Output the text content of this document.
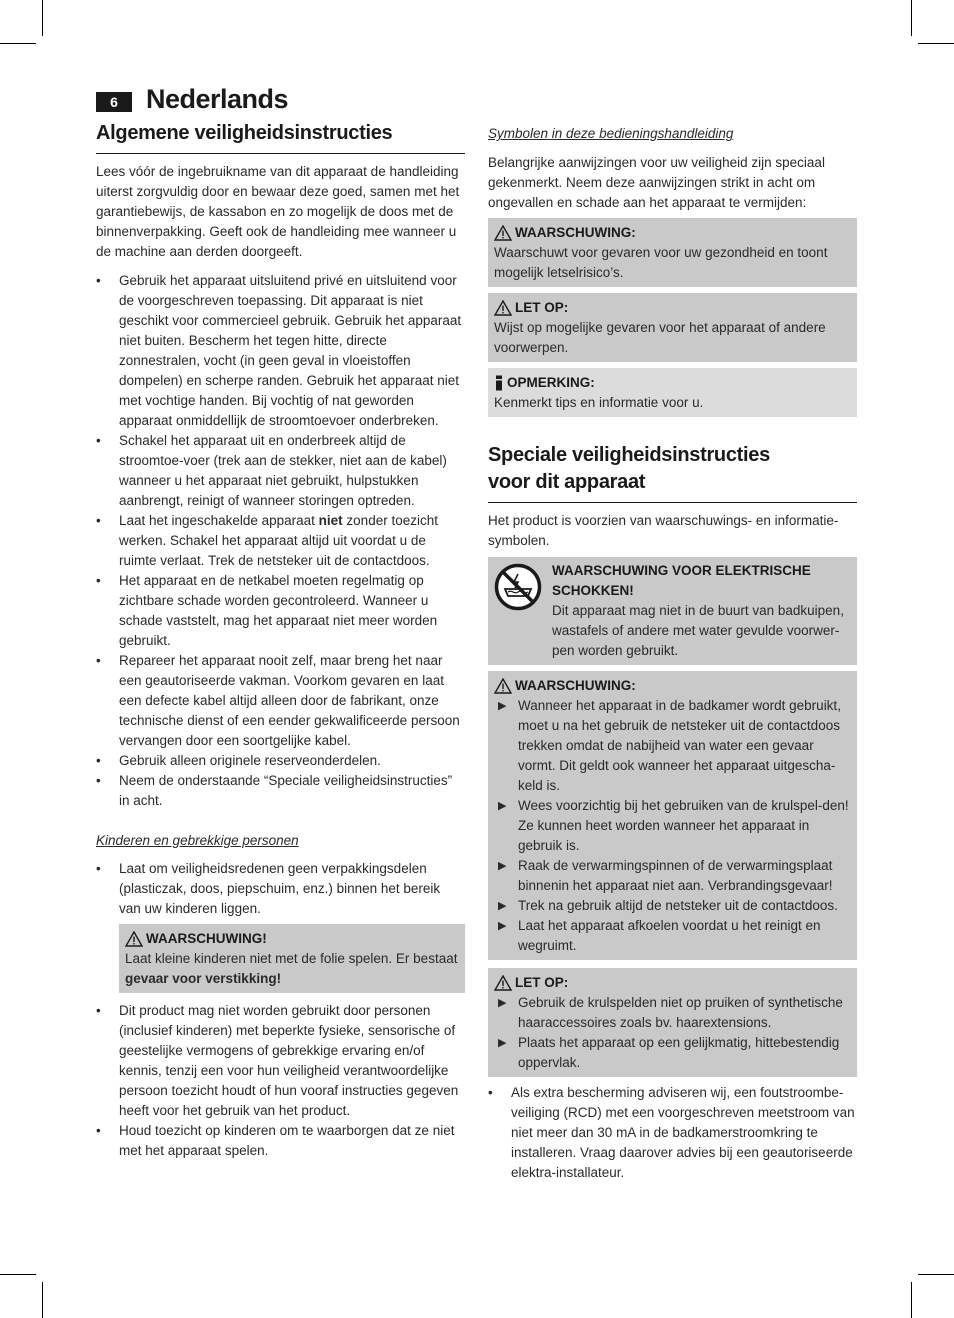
6	Nederlands
Algemene veiligheidsinstructies

Lees vóór de ingebruikname van dit apparaat de handleiding uiterst zorgvuldig door en bewaar deze goed, samen met het garantiebewijs, de kassabon en zo mogelijk de doos met de binnenverpakking. Geeft ook de handleiding mee wanneer u de machine aan derden doorgeeft.

• Gebruik het apparaat uitsluitend privé en uitsluitend voor de voorgeschreven toepassing. Dit apparaat is niet geschikt voor commercieel gebruik. Gebruik het apparaat niet buiten. Bescherm het tegen hitte, directe zonnestralen, vocht (in geen geval in vloeistoffen dompelen) en scherpe randen. Gebruik het apparaat niet met vochtige handen. Bij vochtig of nat geworden apparaat onmiddellijk de stroomtoevoer onderbreken.
• Schakel het apparaat uit en onderbreek altijd de stroomtoe-voer (trek aan de stekker, niet aan de kabel) wanneer u het apparaat niet gebruikt, hulpstukken aanbrengt, reinigt of wanneer storingen optreden.
• Laat het ingeschakelde apparaat niet zonder toezicht werken. Schakel het apparaat altijd uit voordat u de ruimte verlaat. Trek de netsteker uit de contactdoos.
• Het apparaat en de netkabel moeten regelmatig op zichtbare schade worden gecontroleerd. Wanneer u schade vaststelt, mag het apparaat niet meer worden gebruikt.
• Repareer het apparaat nooit zelf, maar breng het naar een geautoriseerde vakman. Voorkom gevaren en laat een defecte kabel altijd alleen door de fabrikant, onze technische dienst of een eender gekwalificeerde persoon vervangen door een soortgelijke kabel.
• Gebruik alleen originele reserveonderdelen.
• Neem de onderstaande “Speciale veiligheidsinstructies” in acht.

Kinderen en gebrekkige personen

• Laat om veiligheidsredenen geen verpakkingsdelen (plasticzak, doos, piepschuim, enz.) binnen het bereik van uw kinderen liggen.
WAARSCHUWING!

Laat kleine kinderen niet met de folie spelen. Er bestaat gevaar voor verstikking!

• Dit product mag niet worden gebruikt door personen (inclusief kinderen) met beperkte fysieke, sensorische of geestelijke vermogens of gebrekkige ervaring en/of kennis, tenzij een voor hun veiligheid verantwoordelijke persoon toezicht houdt of hun vooraf instructies gegeven heeft voor het gebruik van het product.
• Houd toezicht op kinderen om te waarborgen dat ze niet met het apparaat spelen.

Symbolen in deze bedieningshandleiding

Belangrijke aanwijzingen voor uw veiligheid zijn speciaal gekenmerkt. Neem deze aanwijzingen strikt in acht om ongevallen en schade aan het apparaat te vermijden:

WAARSCHUWING:

Waarschuwt voor gevaren voor uw gezondheid en toont mogelijk letselrisico’s.

LET OP:

Wijst op mogelijke gevaren voor het apparaat of andere voorwerpen.

OPMERKING:

Kenmerkt tips en informatie voor u.

Speciale veiligheidsinstructies
voor dit apparaat

Het product is voorzien van waarschuwings- en informatie-symbolen.

WAARSCHUWING VOOR ELEKTRISCHE SCHOKKEN!

Dit apparaat mag niet in de buurt van badkuipen, wastafels of andere met water gevulde voorwer-pen worden gebruikt.

WAARSCHUWING:
▶ Wanneer het apparaat in de badkamer wordt gebruikt, moet u na het gebruik de netsteker uit de contactdoos trekken omdat de nabijheid van water een gevaar vormt. Dit geldt ook wanneer het apparaat uitgescha-keld is.
▶ Wees voorzichtig bij het gebruiken van de krulspel-den! Ze kunnen heet worden wanneer het apparaat in gebruik is.
▶ Raak de verwarmingspinnen of de verwarmingsplaat binnenin het apparaat niet aan. Verbrandingsgevaar!
▶ Trek na gebruik altijd de netsteker uit de contactdoos.
▶ Laat het apparaat afkoelen voordat u het reinigt en wegruimt.
LET OP:
▶ Gebruik de krulspelden niet op pruiken of synthetische haaraccessoires zoals bv. haarextensions.
▶ Plaats het apparaat op een gelijkmatig, hittebestendig oppervlak.
• Als extra bescherming adviseren wij, een foutstroombe-veiliging (RCD) met een voorgeschreven meetstroom van niet meer dan 30 mA in de badkamerstroomkring te installeren. Vraag daarover advies bij een geautoriseerde elektra-installateur.
